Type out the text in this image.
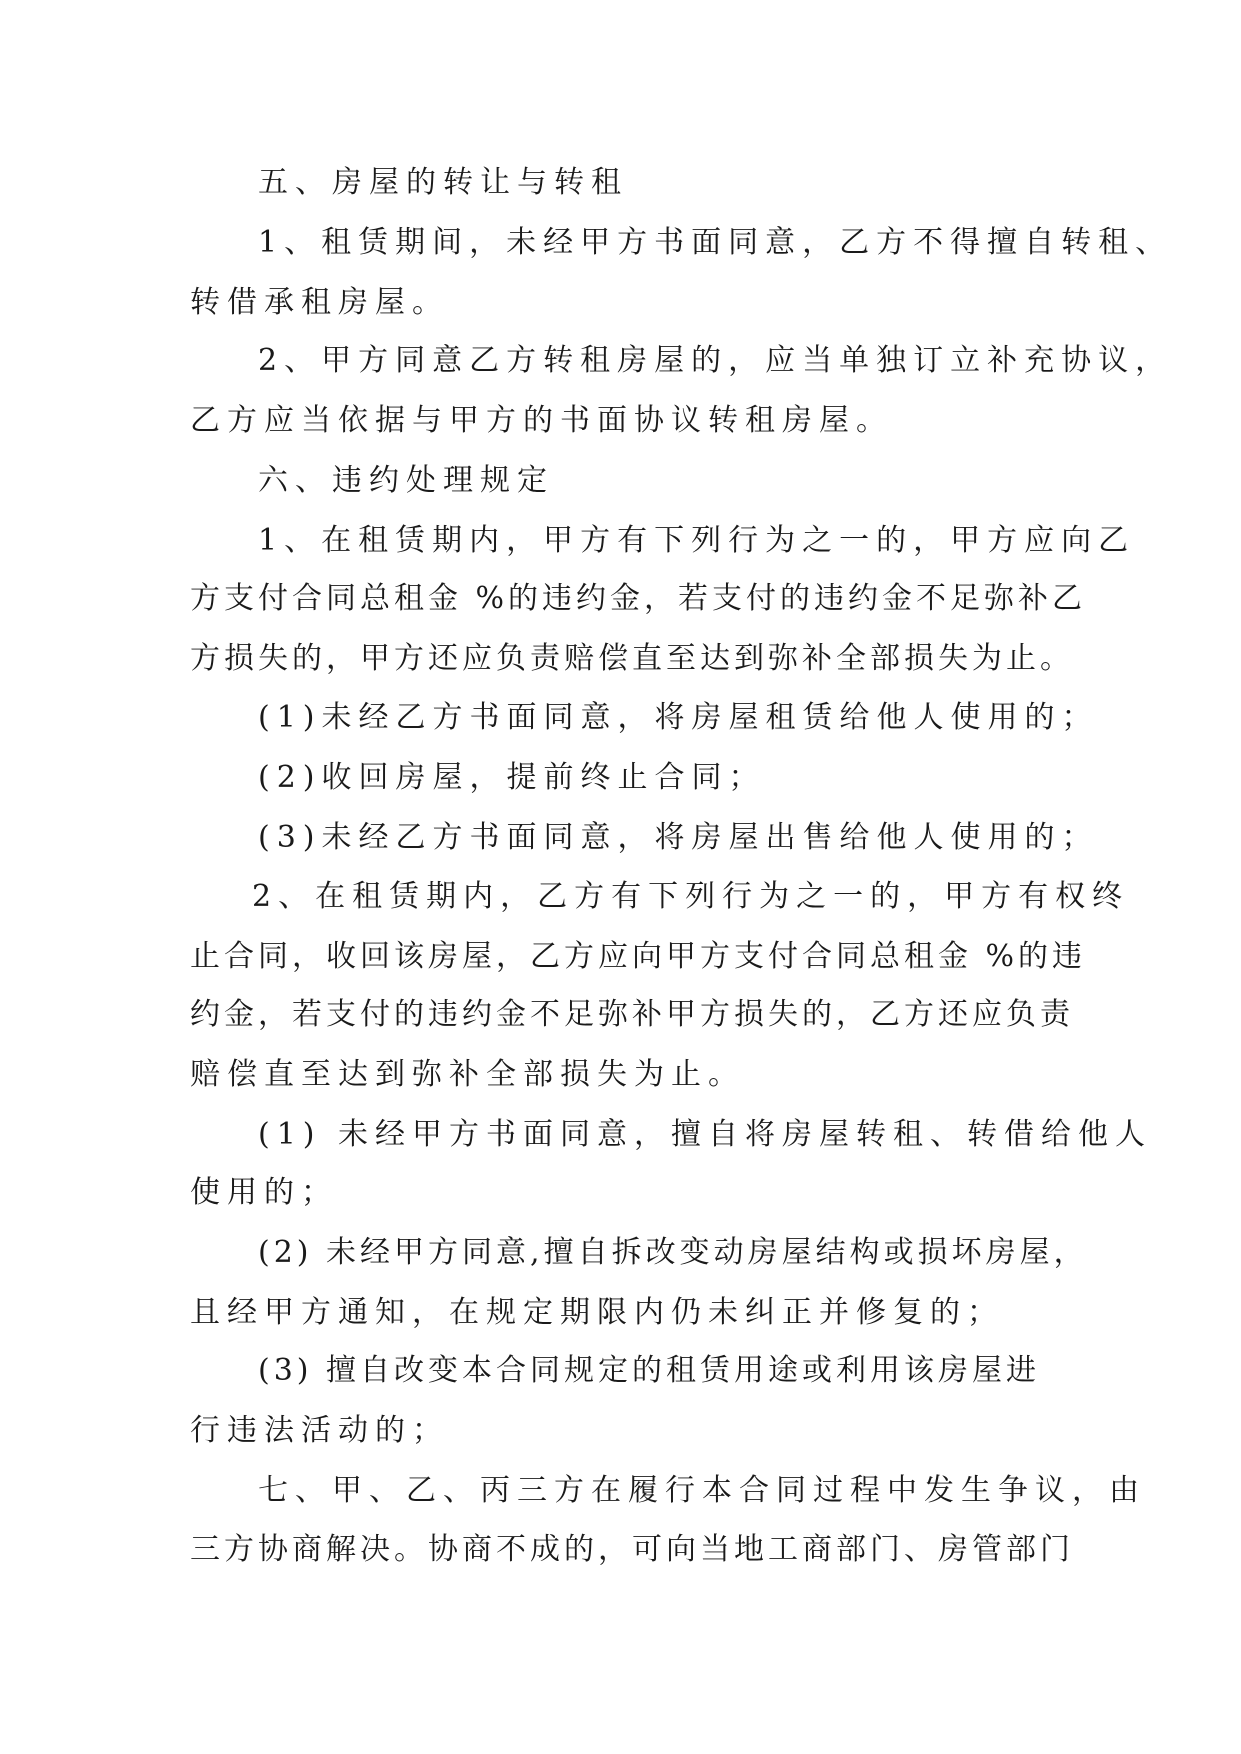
五、房屋的转让与转租
1、租赁期间，未经甲方书面同意，乙方不得擅自转租、
转借承租房屋。
2、甲方同意乙方转租房屋的，应当单独订立补充协议，
乙方应当依据与甲方的书面协议转租房屋。
六、违约处理规定
1、在租赁期内，甲方有下列行为之一的，甲方应向乙
方支付合同总租金 %的违约金，若支付的违约金不足弥补乙
方损失的，甲方还应负责赔偿直至达到弥补全部损失为止。
(1)未经乙方书面同意，将房屋租赁给他人使用的；
(2)收回房屋，提前终止合同；
(3)未经乙方书面同意，将房屋出售给他人使用的；
2、在租赁期内，乙方有下列行为之一的，甲方有权终
止合同，收回该房屋，乙方应向甲方支付合同总租金 %的违
约金，若支付的违约金不足弥补甲方损失的，乙方还应负责
赔偿直至达到弥补全部损失为止。
(1) 未经甲方书面同意，擅自将房屋转租、转借给他人
使用的；
(2) 未经甲方同意,擅自拆改变动房屋结构或损坏房屋，
且经甲方通知，在规定期限内仍未纠正并修复的；
(3) 擅自改变本合同规定的租赁用途或利用该房屋进
行违法活动的；
七、甲、乙、丙三方在履行本合同过程中发生争议，由
三方协商解决。协商不成的，可向当地工商部门、房管部门
